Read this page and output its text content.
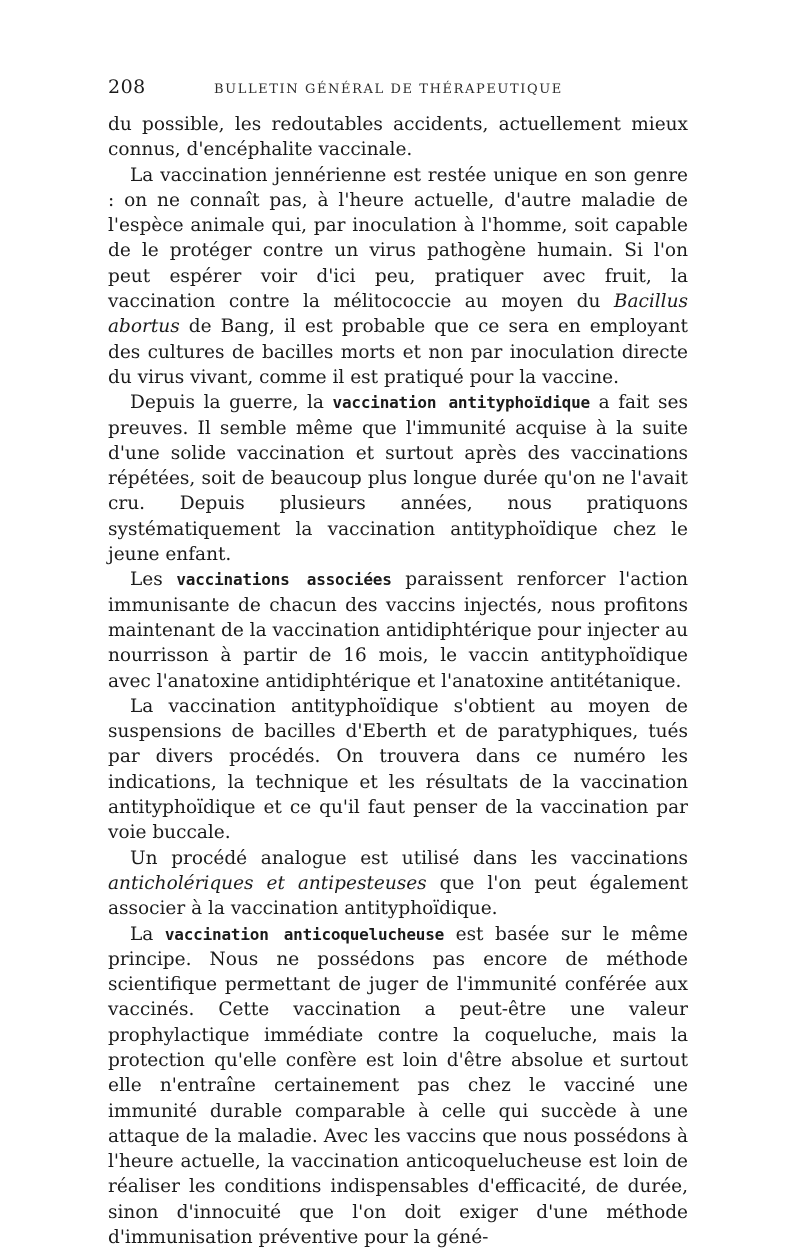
208	BULLETIN GÉNÉRAL DE THÉRAPEUTIQUE

du possible, les redoutables accidents, actuellement mieux connus, d'encéphalite vaccinale.

La vaccination jennérienne est restée unique en son genre : on ne connaît pas, à l'heure actuelle, d'autre maladie de l'espèce animale qui, par inoculation à l'homme, soit capable de le protéger contre un virus pathogène humain. Si l'on peut espérer voir d'ici peu, pratiquer avec fruit, la vaccination contre la mélitococcie au moyen du Bacillus abortus de Bang, il est probable que ce sera en employant des cultures de bacilles morts et non par inoculation directe du virus vivant, comme il est pratiqué pour la vaccine.

Depuis la guerre, la vaccination antityphoïdique a fait ses preuves. Il semble même que l'immunité acquise à la suite d'une solide vaccination et surtout après des vaccinations répétées, soit de beaucoup plus longue durée qu'on ne l'avait cru. Depuis plusieurs années, nous pratiquons systématiquement la vaccination antityphoïdique chez le jeune enfant.

Les vaccinations associées paraissent renforcer l'action immunisante de chacun des vaccins injectés, nous profitons maintenant de la vaccination antidiphtérique pour injecter au nourrisson à partir de 16 mois, le vaccin antityphoïdique avec l'anatoxine antidiphtérique et l'anatoxine antitétanique.

La vaccination antityphoïdique s'obtient au moyen de suspensions de bacilles d'Eberth et de paratyphiques, tués par divers procédés. On trouvera dans ce numéro les indications, la technique et les résultats de la vaccination antityphoïdique et ce qu'il faut penser de la vaccination par voie buccale.

Un procédé analogue est utilisé dans les vaccinations anticholériques et antipesteuses que l'on peut également associer à la vaccination antityphoïdique.

La vaccination anticoquelucheuse est basée sur le même principe. Nous ne possédons pas encore de méthode scientifique permettant de juger de l'immunité conférée aux vaccinés. Cette vaccination a peut-être une valeur prophylactique immédiate contre la coqueluche, mais la protection qu'elle confère est loin d'être absolue et surtout elle n'entraîne certainement pas chez le vacciné une immunité durable comparable à celle qui succède à une attaque de la maladie. Avec les vaccins que nous possédons à l'heure actuelle, la vaccination anticoquelucheuse est loin de réaliser les conditions indispensables d'efficacité, de durée, sinon d'innocuité que l'on doit exiger d'une méthode d'immunisation préventive pour la géné-
